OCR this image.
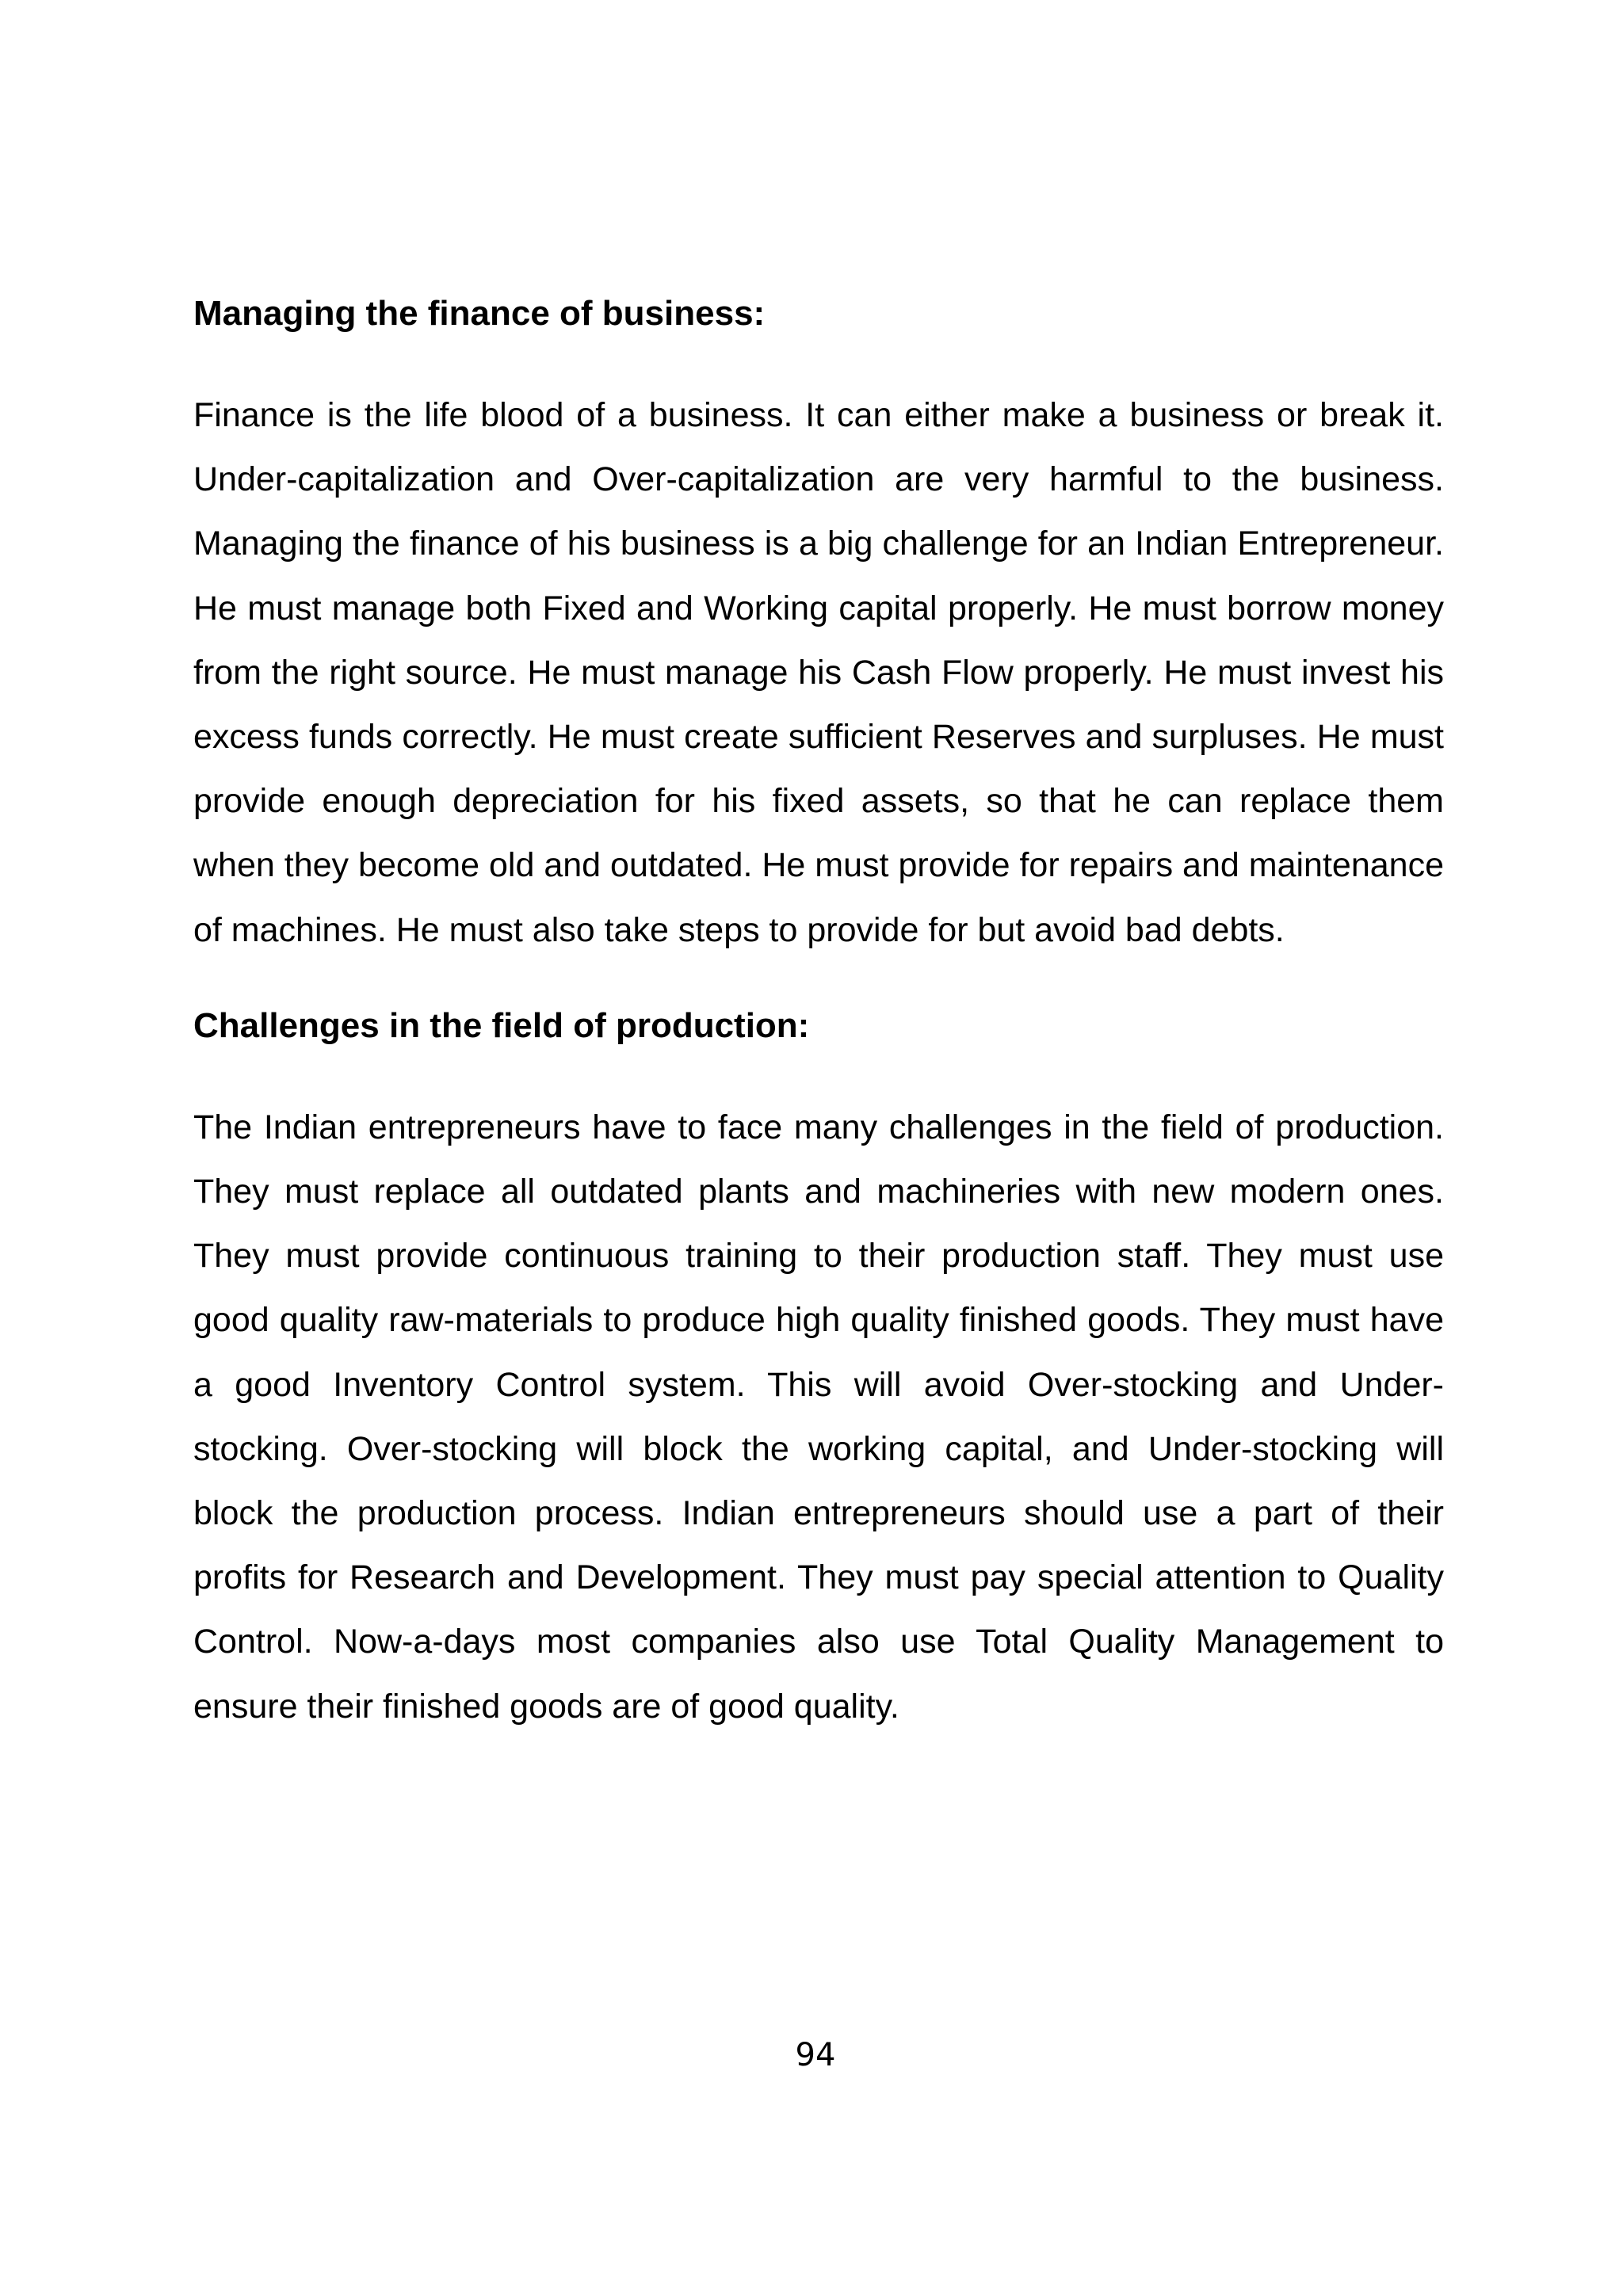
Managing the finance of business:

Finance is the life blood of a business. It can either make a business or break it. Under-capitalization and Over-capitalization are very harmful to the business. Managing the finance of his business is a big challenge for an Indian Entrepreneur. He must manage both Fixed and Working capital properly. He must borrow money from the right source. He must manage his Cash Flow properly. He must invest his excess funds correctly. He must create sufficient Reserves and surpluses. He must provide enough depreciation for his fixed assets, so that he can replace them when they become old and outdated. He must provide for repairs and maintenance of machines. He must also take steps to provide for but avoid bad debts.

Challenges in the field of production:

The Indian entrepreneurs have to face many challenges in the field of production. They must replace all outdated plants and machineries with new modern ones. They must provide continuous training to their production staff. They must use good quality raw-materials to produce high quality finished goods. They must have a good Inventory Control system. This will avoid Over-stocking and Under-stocking. Over-stocking will block the working capital, and Under-stocking will block the production process. Indian entrepreneurs should use a part of their profits for Research and Development. They must pay special attention to Quality Control. Now-a-days most companies also use Total Quality Management to ensure their finished goods are of good quality.

94
